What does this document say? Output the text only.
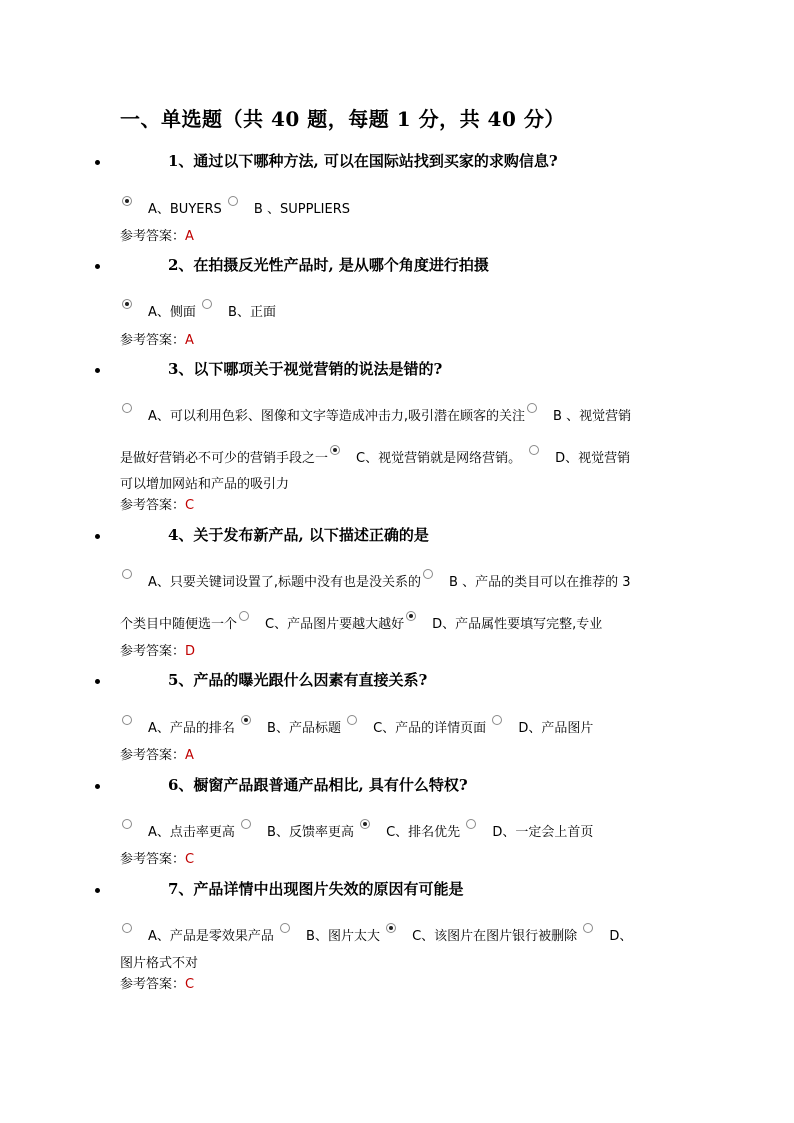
一、单选题（共 40 题，每题 1 分，共 40 分）
1、通过以下哪种方法, 可以在国际站找到买家的求购信息?
A、BUYERS B 、SUPPLIERS
参考答案：A
2、在拍摄反光性产品时, 是从哪个角度进行拍摄
A、侧面 B、正面
参考答案：A
3、以下哪项关于视觉营销的说法是错的?
A、可以利用色彩、图像和文字等造成冲击力,吸引潜在顾客的关注 B 、视觉营销
是做好营销必不可少的营销手段之一 C、视觉营销就是网络营销。	D、视觉营销
可以增加网站和产品的吸引力
参考答案：C
4、关于发布新产品, 以下描述正确的是
A、只要关键词设置了,标题中没有也是没关系的 B 、产品的类目可以在推荐的 3
个类目中随便选一个 C、产品图片要越大越好 D、产品属性要填写完整,专业
参考答案：D
5、产品的曝光跟什么因素有直接关系?
A、产品的排名 B、产品标题 C、产品的详情页面 D、产品图片
参考答案：A
6、橱窗产品跟普通产品相比, 具有什么特权?
A、点击率更高 B、反馈率更高 C、排名优先 D、一定会上首页
参考答案：C
7、产品详情中出现图片失效的原因有可能是
A、产品是零效果产品 B、图片太大 C、该图片在图片银行被删除 D、
图片格式不对
参考答案：C
